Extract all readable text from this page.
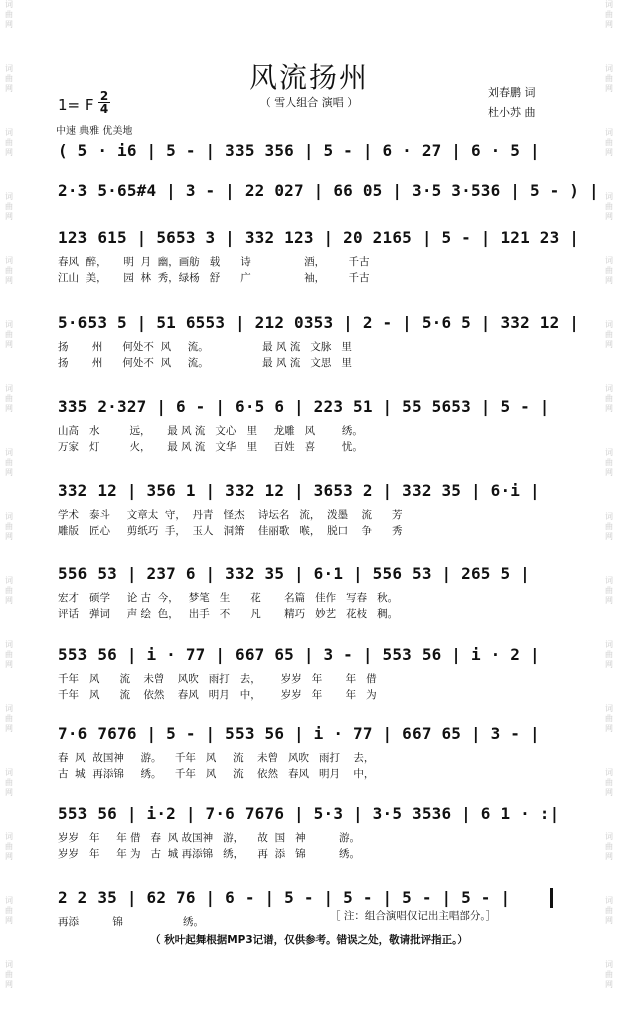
词曲网
词曲网
词曲网
词曲网
词曲网
词曲网
词曲网
词曲网
词曲网
词曲网
词曲网
词曲网
词曲网
词曲网
词曲网
词曲网
词曲网
词曲网
词曲网
词曲网
词曲网
词曲网
词曲网
词曲网
词曲网
词曲网
词曲网
词曲网
词曲网
词曲网
词曲网
词曲网
风流扬州
（ 雪人组合 演唱 ）
刘春鹏 词
杜小苏 曲
1= F 2
4
中速 典雅 优美地
( 5 · i6 | 5 - | 335 356 | 5 - | 6 · 27 | 6 · 5 |
2·3 5·65#4 | 3 - | 22 027 | 66 05 | 3·5 3·536 | 5 - ) |
123 615 | 5653 3 | 332 123 | 20 2165 | 5 - | 121 23 |
春风  醉，     明  月  幽，画舫   载      诗                酒，       千古
江山  美，     园  林  秀，绿杨   舒      广                袖，       千古
5·653 5 | 51 6553 | 212 0353 | 2 - | 5·6 5 | 332 12 |
扬       州      何处不  风     流。                最 风 流   文脉   里
扬       州      何处不  风     流。                最 风 流   文思   里
335 2·327 | 6 - | 6·5 6 | 223 51 | 55 5653 | 5 - |
山高   水         远，     最 风 流   文心   里     龙雕   风        绣。
万家   灯         火，     最 风 流   文华   里     百姓   喜        忧。
332 12 | 356 1 | 332 12 | 3653 2 | 332 35 | 6·i |
学术   泰斗     文章太  守，  丹青   怪杰    诗坛名   流，  泼墨    流      芳
雕版   匠心     剪纸巧  手，  玉人   洞箫    佳丽歌   喉，  脱口    争      秀
556 53 | 237 6 | 332 35 | 6·1 | 556 53 | 265 5 |
宏才   硕学     论 古  今，   梦笔   生      花       名篇   佳作   写春   秋。
评话   弹词     声 绘  色，   出手   不      凡       精巧   妙艺   花枝   稠。
553 56 | i · 77 | 667 65 | 3 - | 553 56 | i · 2 |
千年   风      流    未曾    风吹   雨打   去，      岁岁   年       年   借
千年   风      流    依然    春风   明月   中，      岁岁   年       年   为
7·6 7676 | 5 - | 553 56 | i · 77 | 667 65 | 3 - |
春  风  故国神     游。    千年   风     流    未曾   风吹   雨打    去，
古  城  再添锦     绣。    千年   风     流    依然   春风   明月    中，
553 56 | i·2 | 7·6 7676 | 5·3 | 3·5 3536 | 6 1 · :|
岁岁   年     年 借   春  风 故国神   游，    故  国   神          游。
岁岁   年     年 为   古  城 再添锦   绣，    再  添   锦          绣。
2 2 35 | 62 76 | 6 - | 5 - | 5 - | 5 - | 5 - |
再添          锦                  绣。	［ 注：组合演唱仅记出主唱部分。］
（ 秋叶起舞根据MP3记谱，仅供参考。错误之处，敬请批评指正。）
